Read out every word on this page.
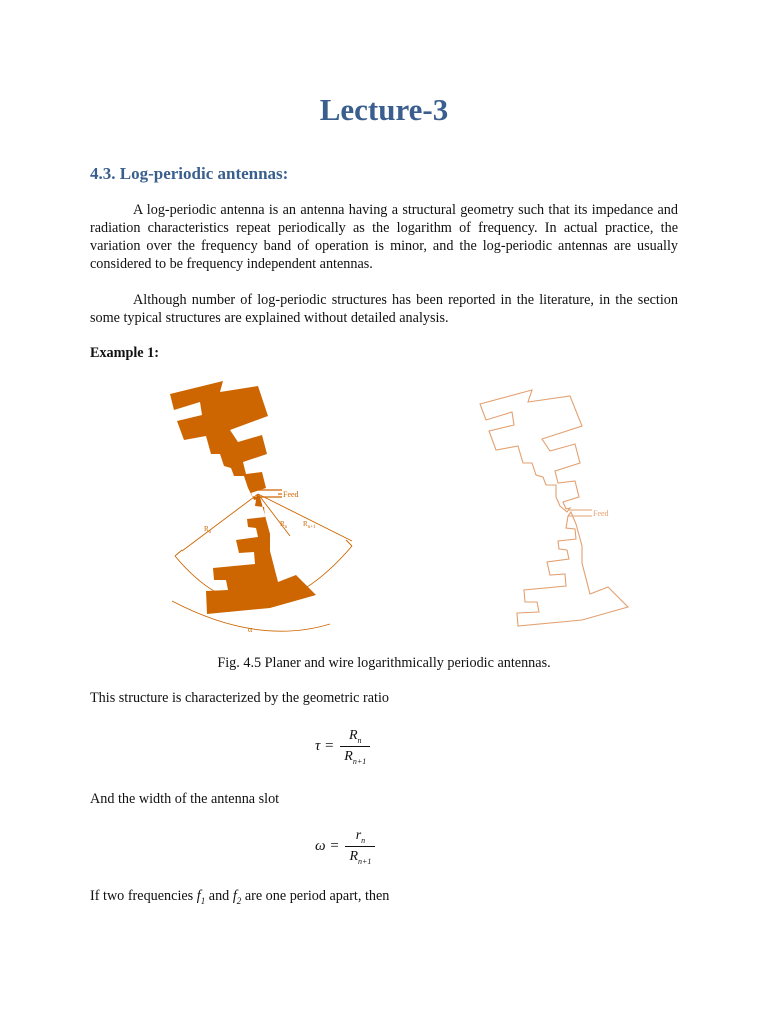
Lecture-3
4.3. Log-periodic antennas:
A log-periodic antenna is an antenna having a structural geometry such that its impedance and radiation characteristics repeat periodically as the logarithm of frequency. In actual practice, the variation over the frequency band of operation is minor, and the log-periodic antennas are usually considered to be frequency independent antennas.
Although number of log-periodic structures has been reported in the literature, in the section some typical structures are explained without detailed analysis.
Example 1:
Feed
$R_n$
$R_n$ $R_{n+1}$
α
Feed
Fig. 4.5 Planer and wire logarithmically periodic antennas.
This structure is characterized by the geometric ratio
$\tau = \frac{R_n}{R_{n+1}}$
And the width of the antenna slot
$\omega = \frac{r_n}{R_{n+1}}$
If two frequencies $f_1$ and $f_2$ are one period apart, then
